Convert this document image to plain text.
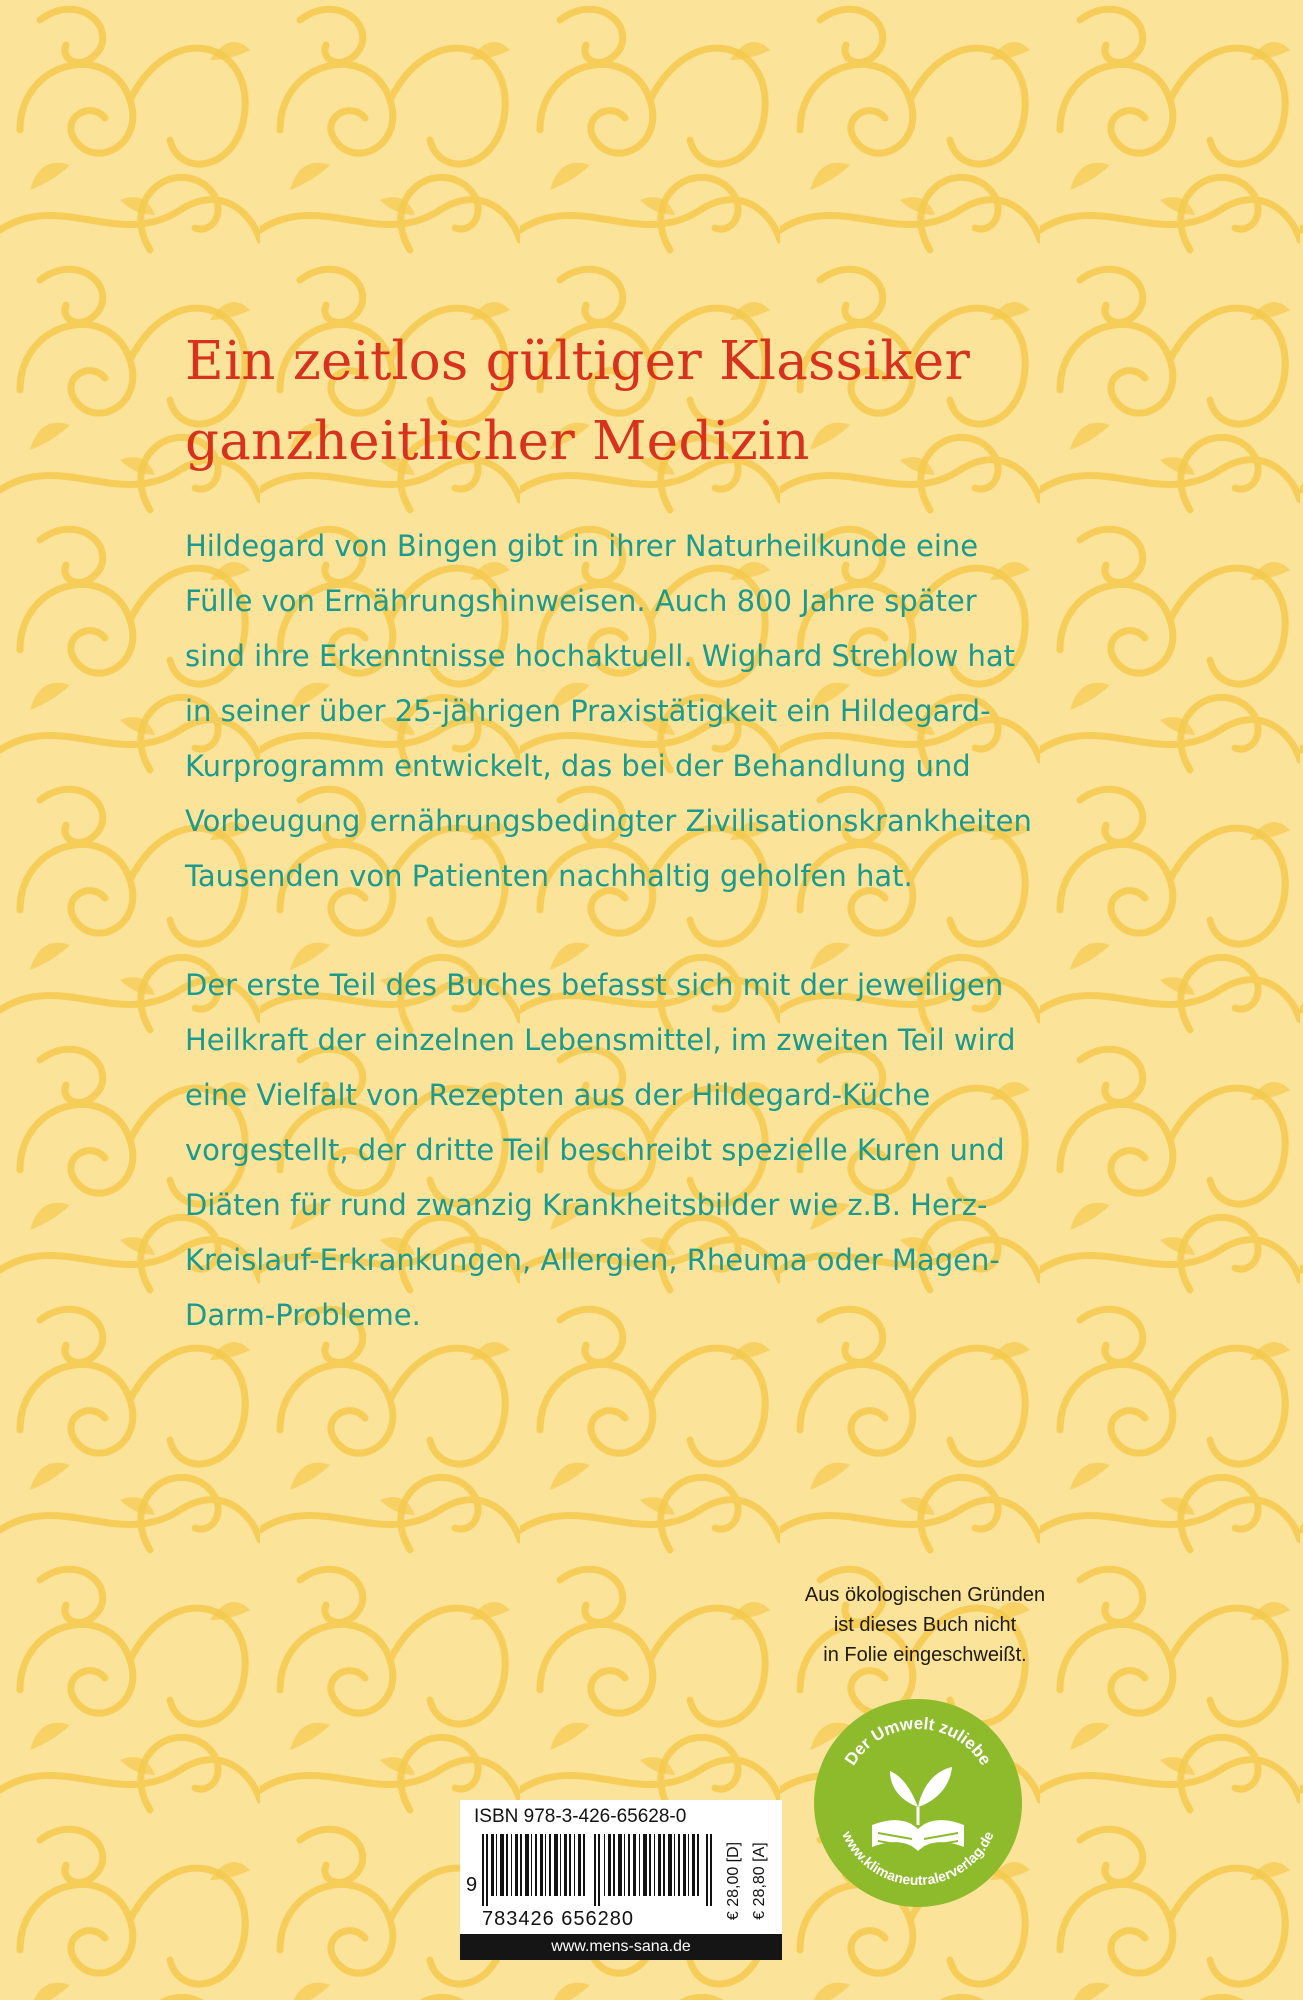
Ein zeitlos gültiger Klassiker
ganzheitlicher Medizin
Hildegard von Bingen gibt in ihrer Naturheilkunde eine
Fülle von Ernährungshinweisen. Auch 800 Jahre später
sind ihre Erkenntnisse hochaktuell. Wighard Strehlow hat
in seiner über 25-jährigen Praxistätigkeit ein Hildegard-
Kurprogramm entwickelt, das bei der Behandlung und
Vorbeugung ernährungsbedingter Zivilisationskrankheiten
Tausenden von Patienten nachhaltig geholfen hat.
Der erste Teil des Buches befasst sich mit der jeweiligen
Heilkraft der einzelnen Lebensmittel, im zweiten Teil wird
eine Vielfalt von Rezepten aus der Hildegard-Küche
vorgestellt, der dritte Teil beschreibt spezielle Kuren und
Diäten für rund zwanzig Krankheitsbilder wie z.B. Herz-
Kreislauf-Erkrankungen, Allergien, Rheuma oder Magen-
Darm-Probleme.
Aus ökologischen Gründen
ist dieses Buch nicht
in Folie eingeschweißt.
Der Umwelt zuliebe
www.klimaneutralerverlag.de
ISBN 978-3-426-65628-0
9
783426 656280	€ 28,00 [D] € 28,80 [A]
www.mens-sana.de
